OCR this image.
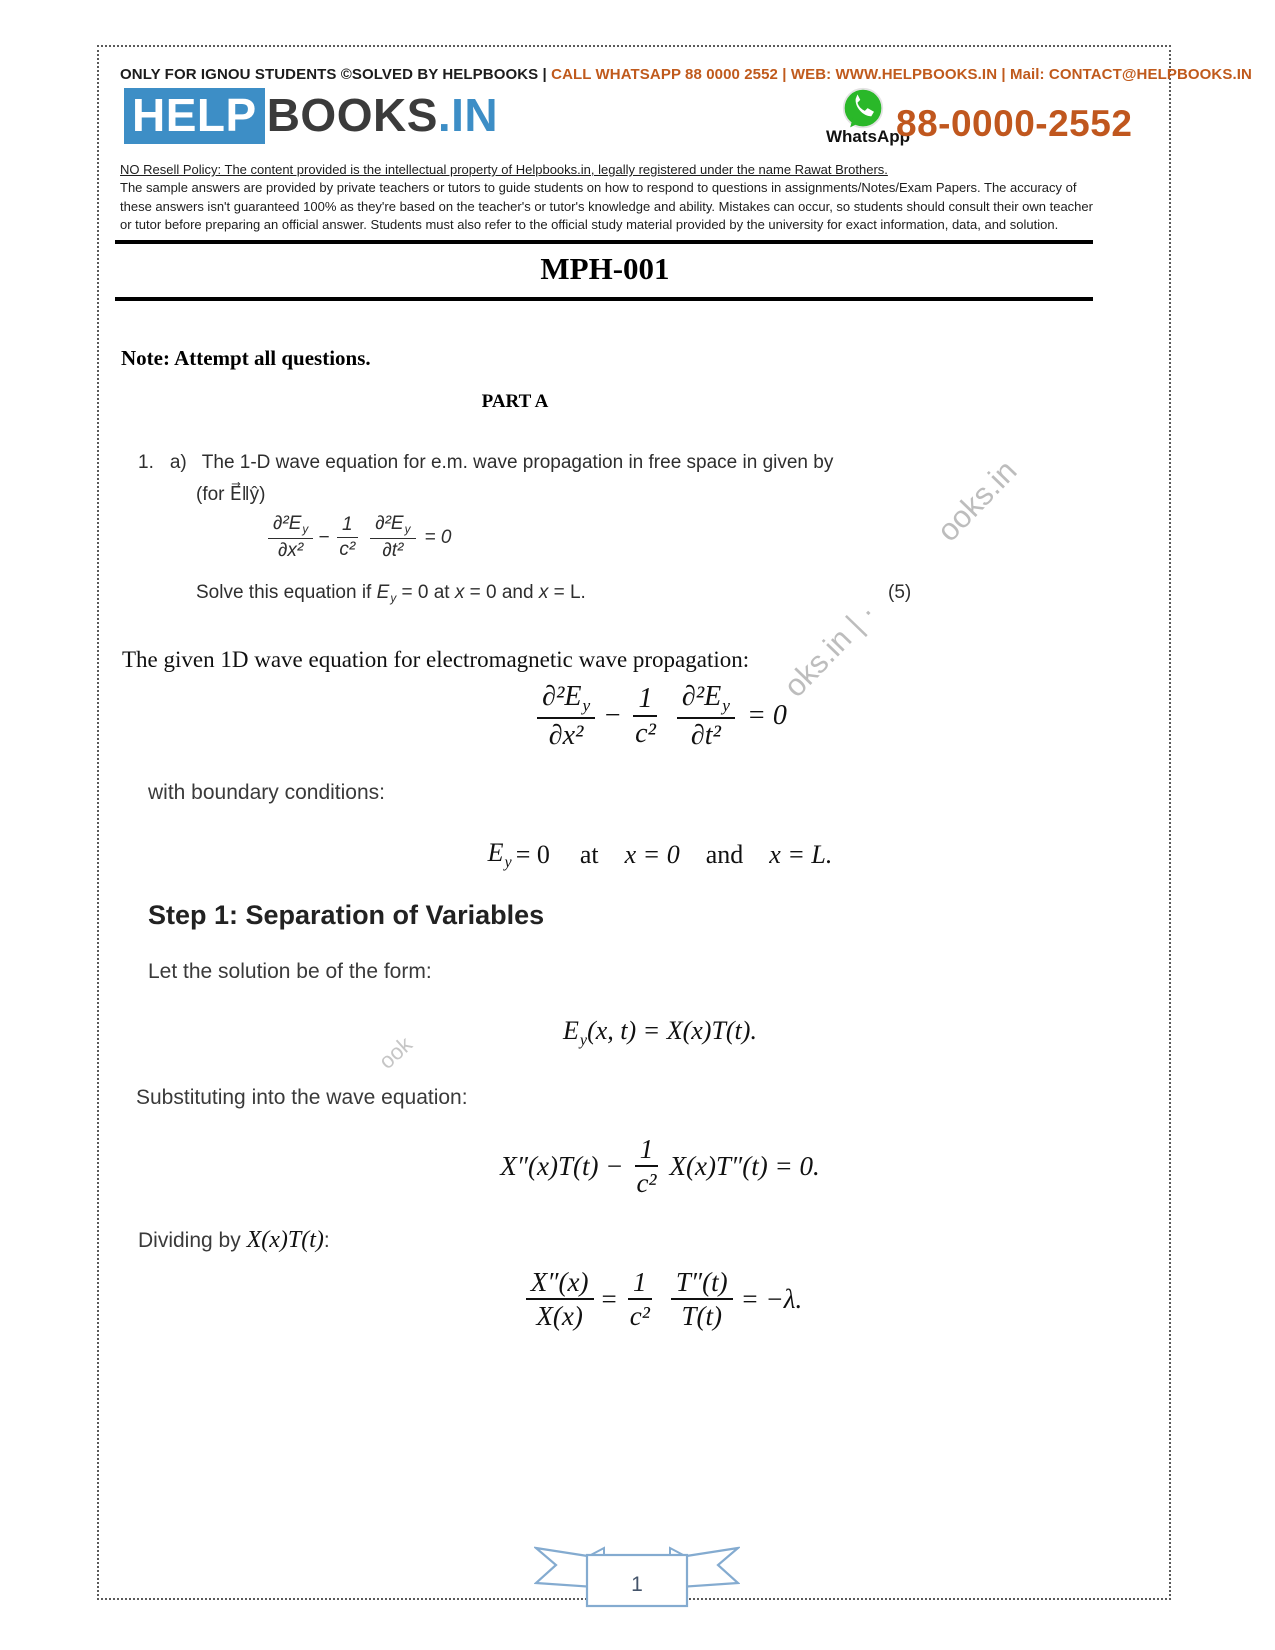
ONLY FOR IGNOU STUDENTS ©SOLVED BY HELPBOOKS | CALL WHATSAPP 88 0000 2552 | WEB: WWW.HELPBOOKS.IN | Mail: CONTACT@HELPBOOKS.IN
HELP BOOKS.IN	WhatsApp
88-0000-2552
NO Resell Policy: The content provided is the intellectual property of Helpbooks.in, legally registered under the name Rawat Brothers.
The sample answers are provided by private teachers or tutors to guide students on how to respond to questions in assignments/Notes/Exam Papers. The accuracy of these answers isn't guaranteed 100% as they're based on the teacher's or tutor's knowledge and ability. Mistakes can occur, so students should consult their own teacher or tutor before preparing an official answer. Students must also refer to the official study material provided by the university for exact information, data, and solution.
MPH-001
Note: Attempt all questions.
PART A
1. a) The 1-D wave equation for e.m. wave propagation in free space in given by
(for E⃗‖ŷ)
$\frac{\partial^2E_y}{\text{∂x²}} - \frac{1}{\text{c²}} \frac{\partial^2E_y}{\text{∂t²}} = 0$
Solve this equation if $E_y = 0$ at x = 0 and x = L.	(5)
The given 1D wave equation for electromagnetic wave propagation:
$\frac{\partial^2E_y}{\text{∂x²}} - \frac{1}{\text{c²}} \frac{\partial^2E_y}{\text{∂t²}} = 0$
with boundary conditions:
$E_y = 0$ at x = 0 and x = L.
Step 1: Separation of Variables
Let the solution be of the form:
$E_y(x$, t) = X(x)T(t).
Substituting into the wave equation:
$X''(x)T(t) - \frac{1}{\text{c²}} X(x)T''(t) = 0$.
Dividing by X(x)T(t):
$\frac{X''(x)}{X(x)} = \frac{1}{\text{c²}} \frac{T''(t)}{T(t)} = -\lambda$.
ooks.in
oks.in | ·
ook
1
